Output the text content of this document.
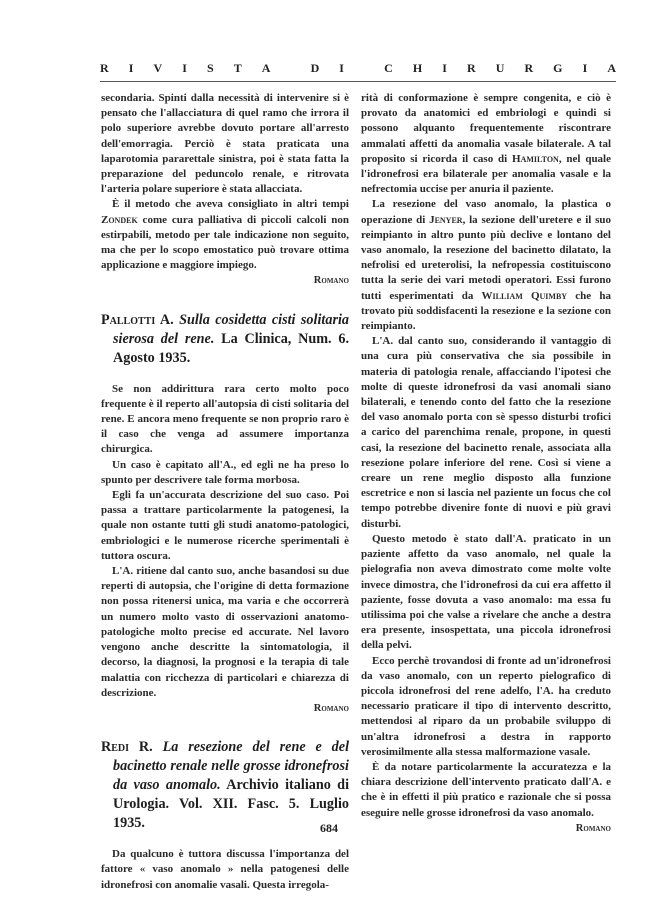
R I V I S T A	D I	C H I R U R G I A

secondaria. Spinti dalla necessità di intervenire si è pensato che l'allacciatura di quel ramo che irrora il polo superiore avrebbe dovuto portare all'arresto dell'emorragia. Perciò è stata praticata una laparotomia pararettale sinistra, poi è stata fatta la preparazione del peduncolo renale, e ritrovata l'arteria polare superiore è stata allacciata.

È il metodo che aveva consigliato in altri tempi Zondek come cura palliativa di piccoli calcoli non estirpabili, metodo per tale indicazione non seguito, ma che per lo scopo emostatico può trovare ottima applicazione e maggiore impiego.

Romano

Pallotti A. Sulla cosidetta cisti solitaria sierosa del rene. La Clinica, Num. 6. Agosto 1935.

Se non addirittura rara certo molto poco frequente è il reperto all'autopsia di cisti solitaria del rene. E ancora meno frequente se non proprio raro è il caso che venga ad assumere importanza chirurgica.

Un caso è capitato all'A., ed egli ne ha preso lo spunto per descrivere tale forma morbosa.

Egli fa un'accurata descrizione del suo caso. Poi passa a trattare particolarmente la patogenesi, la quale non ostante tutti gli studi anatomo-patologici, embriologici e le numerose ricerche sperimentali è tuttora oscura.

L'A. ritiene dal canto suo, anche basandosi su due reperti di autopsia, che l'origine di detta formazione non possa ritenersi unica, ma varia e che occorrerà un numero molto vasto di osservazioni anatomo-patologiche molto precise ed accurate. Nel lavoro vengono anche descritte la sintomatologia, il decorso, la diagnosi, la prognosi e la terapia di tale malattia con ricchezza di particolari e chiarezza di descrizione.

Romano

Redi R. La resezione del rene e del bacinetto renale nelle grosse idronefrosi da vaso anomalo. Archivio italiano di Urologia. Vol. XII. Fasc. 5. Luglio 1935.

Da qualcuno è tuttora discussa l'importanza del fattore « vaso anomalo » nella patogenesi delle idronefrosi con anomalie vasali. Questa irregola-

rità di conformazione è sempre congenita, e ciò è provato da anatomici ed embriologi e quindi si possono alquanto frequentemente riscontrare ammalati affetti da anomalia vasale bilaterale. A tal proposito si ricorda il caso di Hamilton, nel quale l'idronefrosi era bilaterale per anomalia vasale e la nefrectomia uccise per anuria il paziente.

La resezione del vaso anomalo, la plastica o operazione di Jenyer, la sezione dell'uretere e il suo reimpianto in altro punto più declive e lontano del vaso anomalo, la resezione del bacinetto dilatato, la nefrolisi ed ureterolisi, la nefropessia costituiscono tutta la serie dei vari metodi operatori. Essi furono tutti esperimentati da William Quimby che ha trovato più soddisfacenti la resezione e la sezione con reimpianto.

L'A. dal canto suo, considerando il vantaggio di una cura più conservativa che sia possibile in materia di patologia renale, affacciando l'ipotesi che molte di queste idronefrosi da vasi anomali siano bilaterali, e tenendo conto del fatto che la resezione del vaso anomalo porta con sè spesso disturbi trofici a carico del parenchima renale, propone, in questi casi, la resezione del bacinetto renale, associata alla resezione polare inferiore del rene. Così si viene a creare un rene meglio disposto alla funzione escretrice e non si lascia nel paziente un focus che col tempo potrebbe divenire fonte di nuovi e più gravi disturbi.

Questo metodo è stato dall'A. praticato in un paziente affetto da vaso anomalo, nel quale la pielografia non aveva dimostrato come molte volte invece dimostra, che l'idronefrosi da cui era affetto il paziente, fosse dovuta a vaso anomalo: ma essa fu utilissima poi che valse a rivelare che anche a destra era presente, insospettata, una piccola idronefrosi della pelvi.

Ecco perchè trovandosi di fronte ad un'idronefrosi da vaso anomalo, con un reperto pielografico di piccola idronefrosi del rene adelfo, l'A. ha creduto necessario praticare il tipo di intervento descritto, mettendosi al riparo da un probabile sviluppo di un'altra idronefrosi a destra in rapporto verosimilmente alla stessa malformazione vasale.

È da notare particolarmente la accuratezza e la chiara descrizione dell'intervento praticato dall'A. e che è in effetti il più pratico e razionale che si possa eseguire nelle grosse idronefrosi da vaso anomalo.

Romano

684
